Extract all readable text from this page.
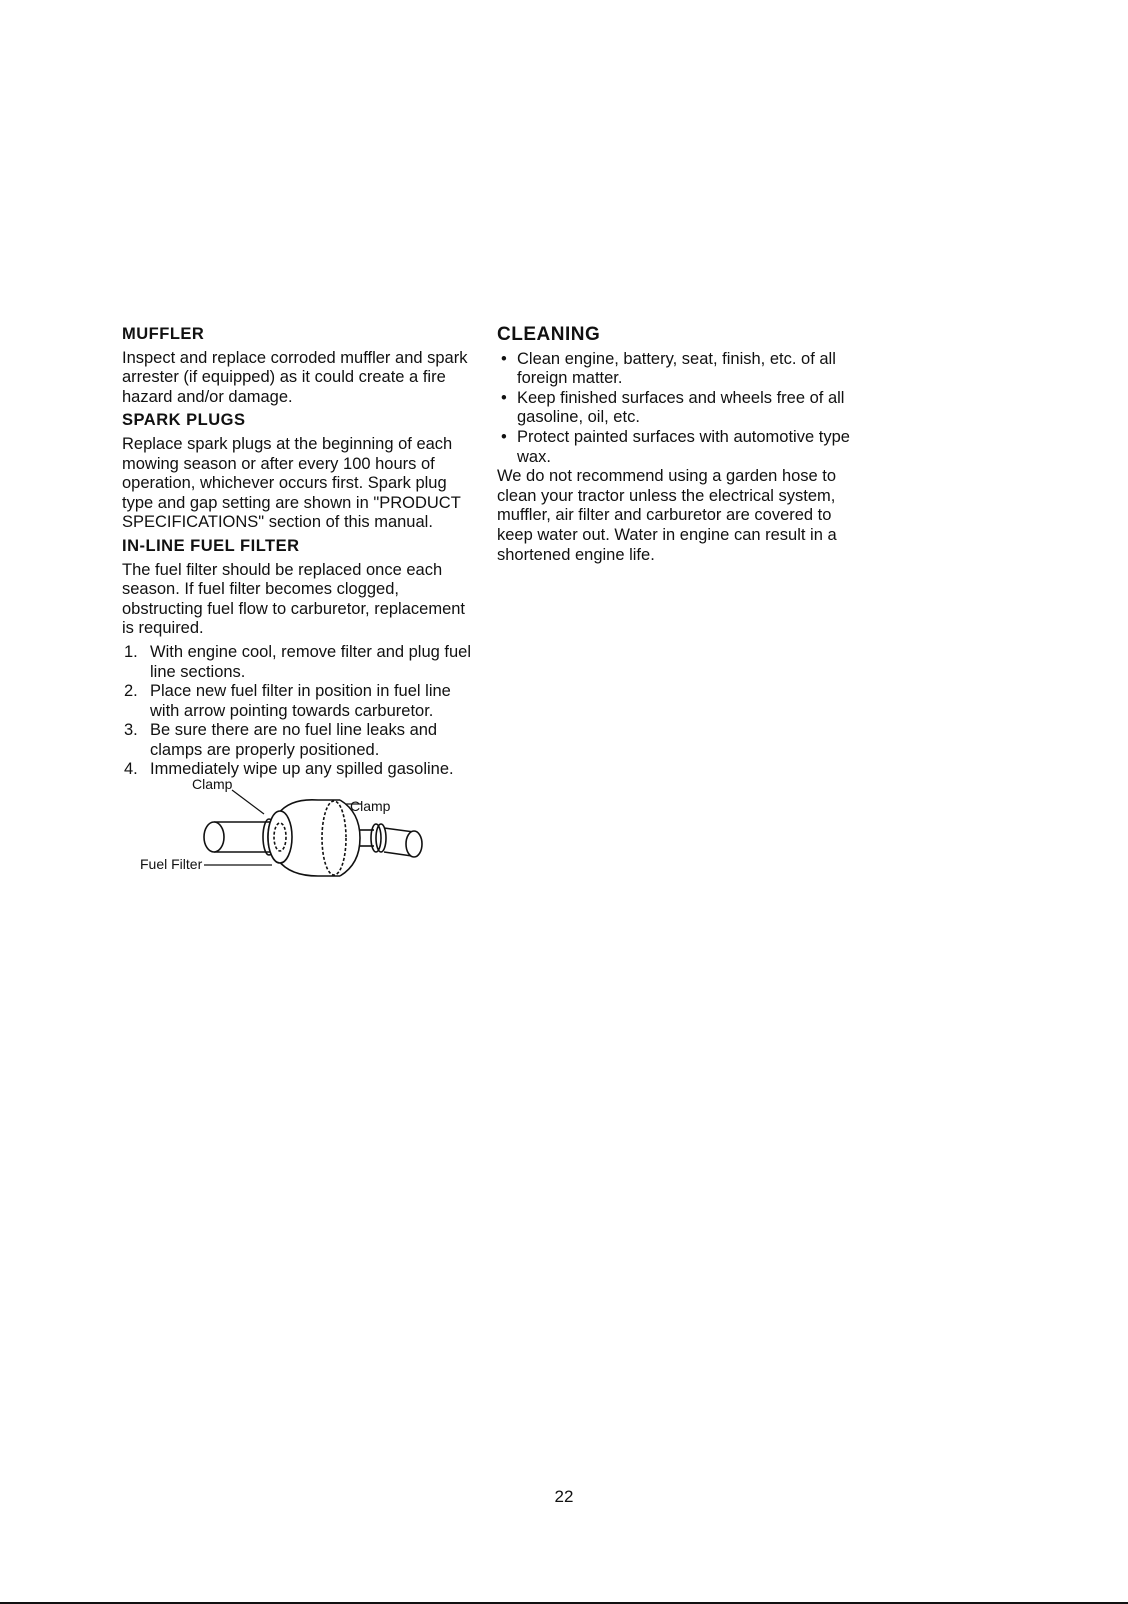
MUFFLER

Inspect and replace corroded muffler and spark arrester (if equipped) as it could create a fire hazard and/or damage.

SPARK PLUGS

Replace spark plugs at the beginning of each mowing season or after every 100 hours of operation, whichever occurs first. Spark plug type and gap setting are shown in "PRODUCT SPECIFICATIONS" section of this manual.

IN-LINE FUEL FILTER

The fuel filter should be replaced once each season. If fuel filter becomes clogged, obstructing fuel flow to carburetor, replacement is required.

1. With engine cool, remove filter and plug fuel line sections.
2. Place new fuel filter in position in fuel line with arrow pointing towards carburetor.
3. Be sure there are no fuel line leaks and clamps are properly positioned.
4. Immediately wipe up any spilled gasoline.
Clamp
Clamp
Fuel Filter
CLEANING
• Clean engine, battery, seat, finish, etc. of all foreign matter.
• Keep finished surfaces and wheels free of all gasoline, oil, etc.
• Protect painted surfaces with automotive type wax.

We do not recommend using a garden hose to clean your tractor unless the electrical system, muffler, air filter and carburetor are covered to keep water out. Water in engine can result in a shortened engine life.

22
